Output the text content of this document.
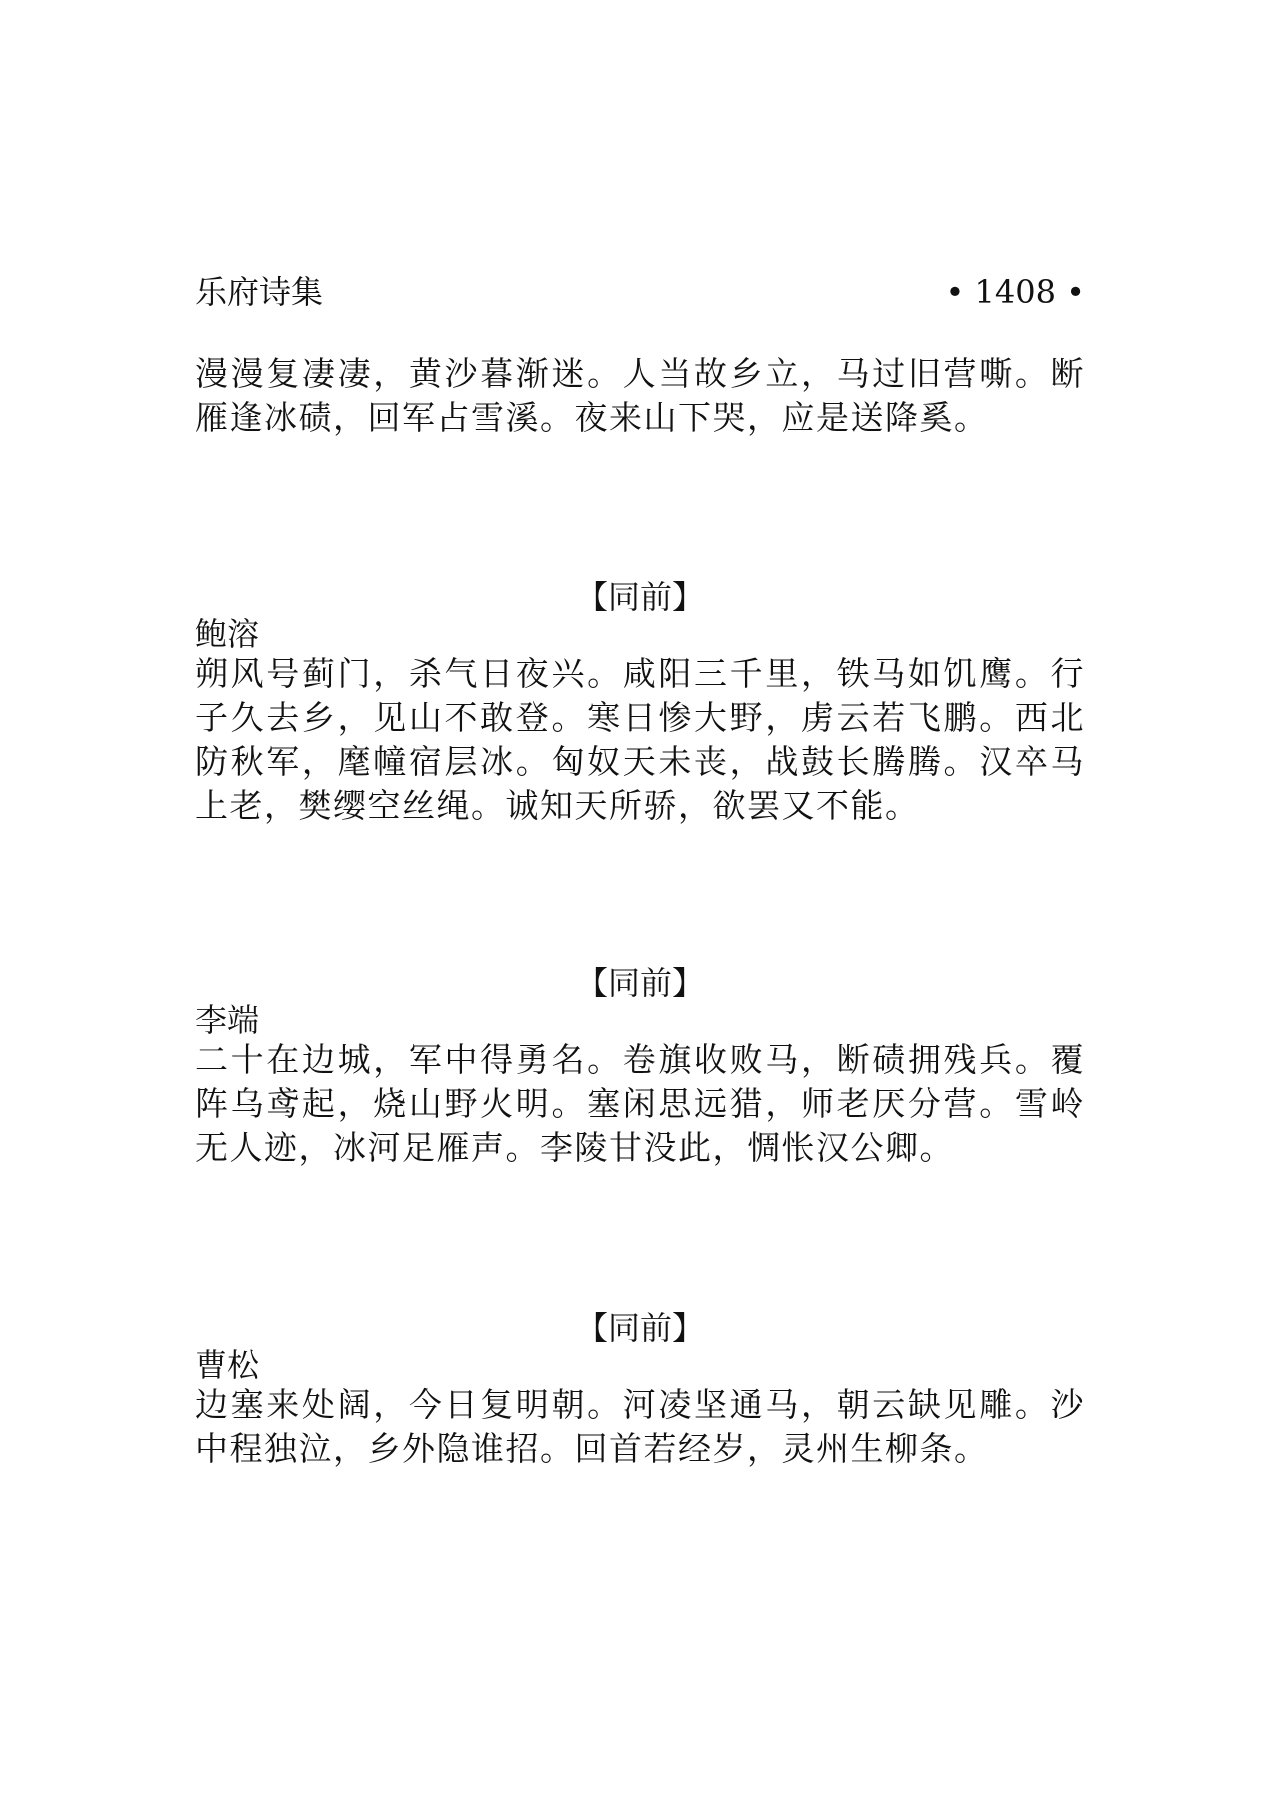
乐府诗集	• 1408 •
漫漫复凄凄，黄沙暮渐迷。人当故乡立，马过旧营嘶。断雁逢冰碛，回军占雪溪。夜来山下哭，应是送降奚。
【同前】
鲍溶
朔风号蓟门，杀气日夜兴。咸阳三千里，铁马如饥鹰。行子久去乡，见山不敢登。寒日惨大野，虏云若飞鹏。西北防秋军，麾幢宿层冰。匈奴天未丧，战鼓长腾腾。汉卒马上老，樊缨空丝绳。诚知天所骄，欲罢又不能。
【同前】
李端
二十在边城，军中得勇名。卷旗收败马，断碛拥残兵。覆阵乌鸢起，烧山野火明。塞闲思远猎，师老厌分营。雪岭无人迹，冰河足雁声。李陵甘没此，惆怅汉公卿。
【同前】
曹松
边塞来处阔，今日复明朝。河凌坚通马，朝云缺见雕。沙中程独泣，乡外隐谁招。回首若经岁，灵州生柳条。
